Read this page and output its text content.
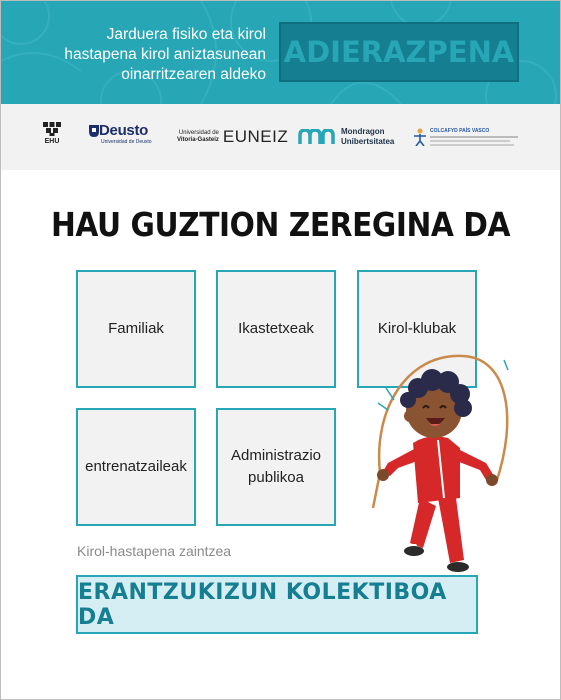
Jarduera fisiko eta kirol
hastapena kirol aniztasunean
oinarritzearen aldeko
ADIERAZPENA
EHU
Deusto
Universidad de Deusto
Universidad de
Vitoria-Gasteiz EUNEIZ	Mondragon
Unibertsitatea
COLCAFYD PAÍS VASCO
HAU GUZTION ZEREGINA DA
Familiak	Ikastetxeak	Kirol-klubak
entrenatzaileak
Administrazio
publikoa
Kirol-hastapena zaintzea
ERANTZUKIZUN KOLEKTIBOA DA
